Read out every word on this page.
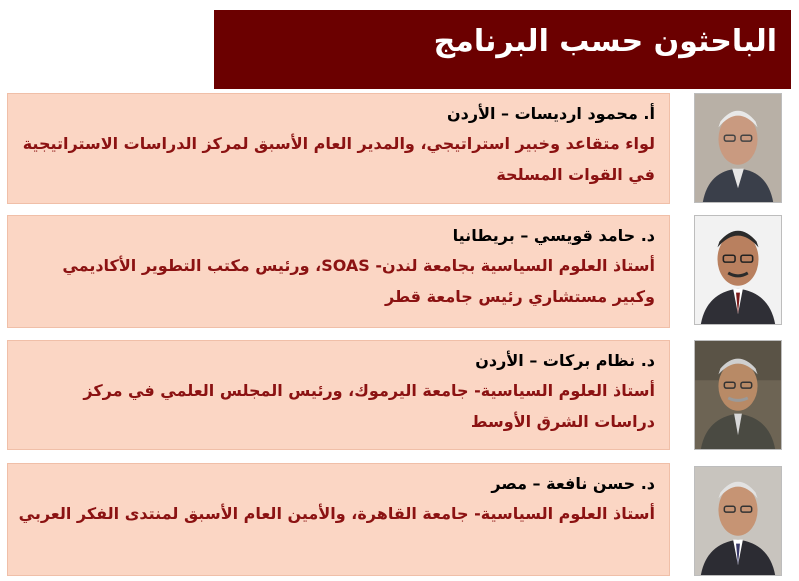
الباحثون حسب البرنامج
أ. محمود اردیسات – الأردن
لواء متقاعد وخبير استراتيجي، والمدير العام الأسبق لمركز الدراسات الاستراتيجية في القوات المسلحة
د. حامد قویسي – بریطانیا
أستاذ العلوم السیاسیة بجامعة لندن- SOAS، ورئيس مكتب التطوير الأكاديمي وكبير مستشاري رئيس جامعة قطر
د. نظام بركات – الأردن
أستاذ العلوم السیاسیة- جامعة الیرموك، ورئیس المجلس العلمي في مركز دراسات الشرق الأوسط
د. حسن نافعة – مصر
أستاذ العلوم السیاسیة- جامعة القاهرة، والأمين العام الأسبق لمنتدى الفكر العربي
